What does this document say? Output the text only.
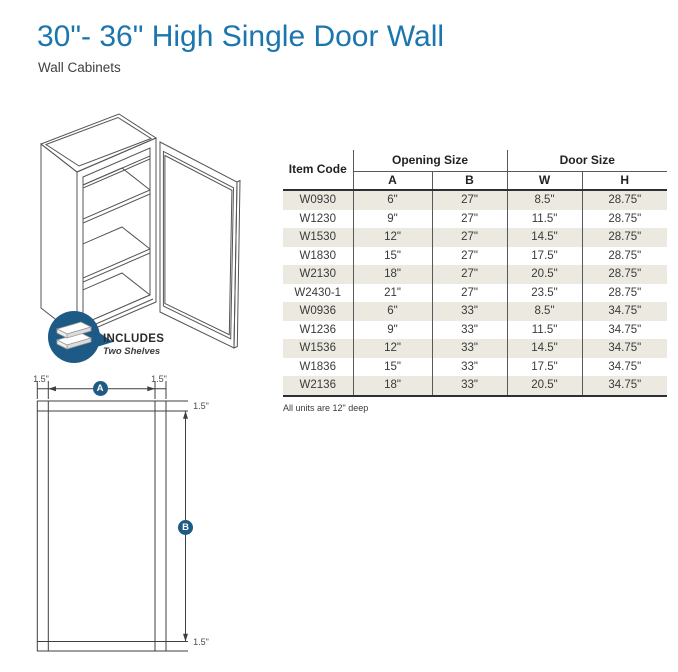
30"- 36" High Single Door Wall
Wall Cabinets
INCLUDES
Two Shelves
A
B
1.5"	1.5"
1.5"
1.5"
Item Code	Opening Size		Door Size	
	A	B	W	H
W0930	6"	27"	8.5"	28.75"
W1230	9"	27"	11.5"	28.75"
W1530	12"	27"	14.5"	28.75"
W1830	15"	27"	17.5"	28.75"
W2130	18"	27"	20.5"	28.75"
W2430-1	21"	27"	23.5"	28.75"
W0936	6"	33"	8.5"	34.75"
W1236	9"	33"	11.5"	34.75"
W1536	12"	33"	14.5"	34.75"
W1836	15"	33"	17.5"	34.75"
W2136	18"	33"	20.5"	34.75"
All units are 12" deep
